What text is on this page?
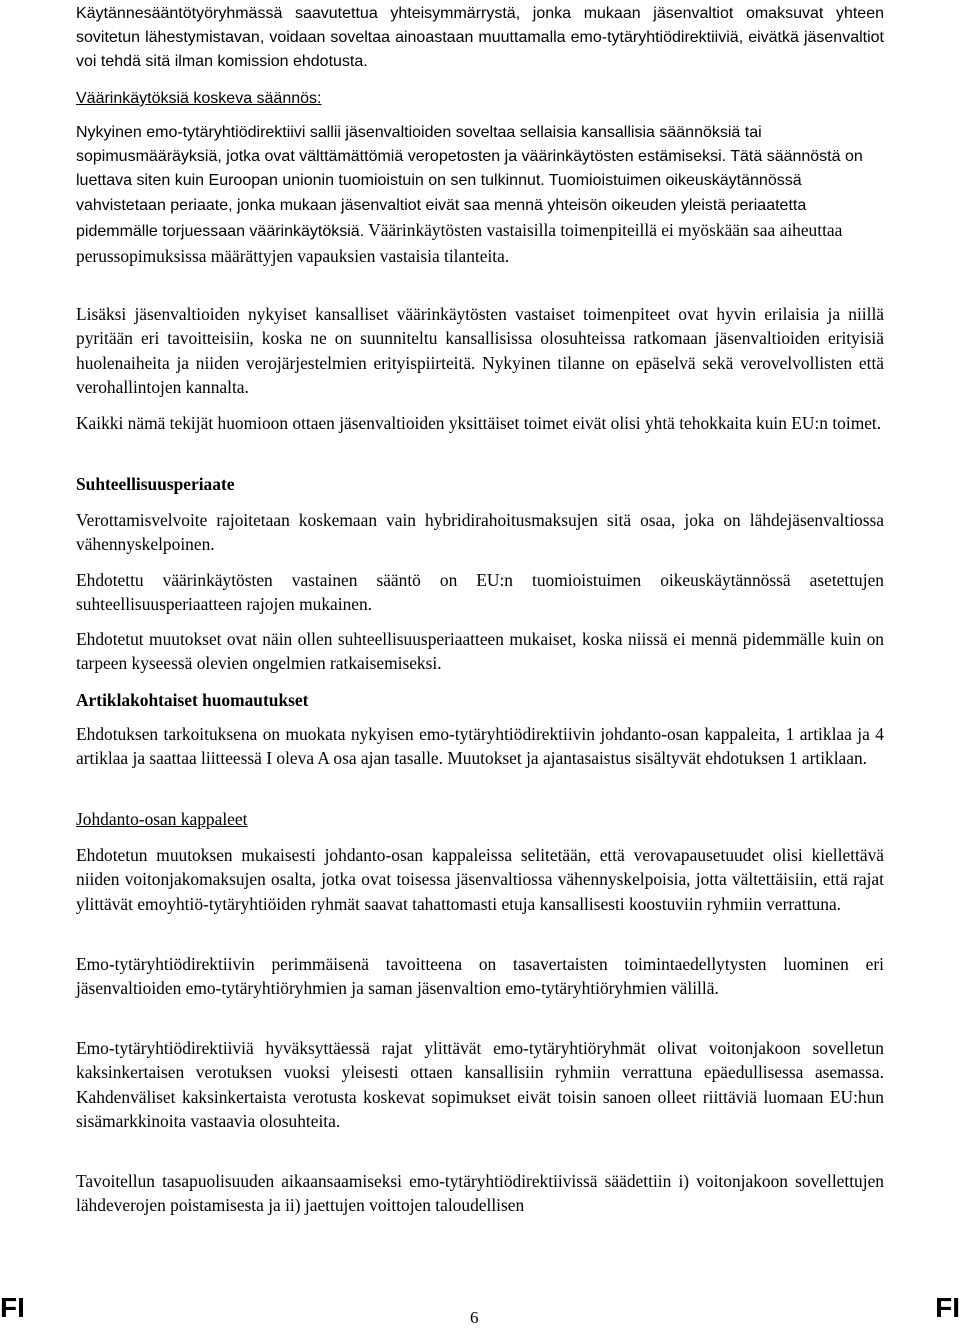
Käytännesääntötyöryhmässä saavutettua yhteisymmärrystä, jonka mukaan jäsenvaltiot omaksuvat yhteen sovitetun lähestymistavan, voidaan soveltaa ainoastaan muuttamalla emo-tytäryhtiödirektiiviä, eivätkä jäsenvaltiot voi tehdä sitä ilman komission ehdotusta.

Väärinkäytöksiä koskeva säännös:

Nykyinen emo-tytäryhtiödirektiivi sallii jäsenvaltioiden soveltaa sellaisia kansallisia säännöksiä tai sopimusmääräyksiä, jotka ovat välttämättömiä veropetosten ja väärinkäytösten estämiseksi. Tätä säännöstä on luettava siten kuin Euroopan unionin tuomioistuin on sen tulkinnut.

Tuomioistuimen oikeuskäytännössä vahvistetaan periaate, jonka mukaan jäsenvaltiot eivät saa mennä yhteisön oikeuden yleistä periaatetta pidemmälle torjuessaan väärinkäytöksiä.

Väärinkäytösten vastaisilla toimenpiteillä ei myöskään saa aiheuttaa perussopimuksissa määrättyjen vapauksien vastaisia tilanteita.

Lisäksi jäsenvaltioiden nykyiset kansalliset väärinkäytösten vastaiset toimenpiteet ovat hyvin erilaisia ja niillä pyritään eri tavoitteisiin, koska ne on suunniteltu kansallisissa olosuhteissa ratkomaan jäsenvaltioiden erityisiä huolenaiheita ja niiden verojärjestelmien erityispiirteitä. Nykyinen tilanne on epäselvä sekä verovelvollisten että verohallintojen kannalta.

Kaikki nämä tekijät huomioon ottaen jäsenvaltioiden yksittäiset toimet eivät olisi yhtä tehokkaita kuin EU:n toimet.

Suhteellisuusperiaate

Verottamisvelvoite rajoitetaan koskemaan vain hybridirahoitusmaksujen sitä osaa, joka on lähdejäsenvaltiossa vähennyskelpoinen.

Ehdotettu väärinkäytösten vastainen sääntö on EU:n tuomioistuimen oikeuskäytännössä asetettujen suhteellisuusperiaatteen rajojen mukainen.

Ehdotetut muutokset ovat näin ollen suhteellisuusperiaatteen mukaiset, koska niissä ei mennä pidemmälle kuin on tarpeen kyseessä olevien ongelmien ratkaisemiseksi.

Artiklakohtaiset huomautukset

Ehdotuksen tarkoituksena on muokata nykyisen emo-tytäryhtiödirektiivin johdanto-osan kappaleita, 1 artiklaa ja 4 artiklaa ja saattaa liitteessä I oleva A osa ajan tasalle. Muutokset ja ajantasaistus sisältyvät ehdotuksen 1 artiklaan.

Johdanto-osan kappaleet

Ehdotetun muutoksen mukaisesti johdanto-osan kappaleissa selitetään, että verovapausetuudet olisi kiellettävä niiden voitonjakomaksujen osalta, jotka ovat toisessa jäsenvaltiossa vähennyskelpoisia, jotta vältettäisiin, että rajat ylittävät emoyhtiö-tytäryhtiöiden ryhmät saavat tahattomasti etuja kansallisesti koostuviin ryhmiin verrattuna.

Emo-tytäryhtiödirektiivin perimmäisenä tavoitteena on tasavertaisten toimintaedellytysten luominen eri jäsenvaltioiden emo-tytäryhtiöryhmien ja saman jäsenvaltion emo-tytäryhtiöryhmien välillä.

Emo-tytäryhtiödirektiiviä hyväksyttäessä rajat ylittävät emo-tytäryhtiöryhmät olivat voitonjakoon sovelletun kaksinkertaisen verotuksen vuoksi yleisesti ottaen kansallisiin ryhmiin verrattuna epäedullisessa asemassa. Kahdenväliset kaksinkertaista verotusta koskevat sopimukset eivät toisin sanoen olleet riittäviä luomaan EU:hun sisämarkkinoita vastaavia olosuhteita.

Tavoitellun tasapuolisuuden aikaansaamiseksi emo-tytäryhtiödirektiivissä säädettiin i) voitonjakoon sovellettujen lähdeverojen poistamisesta ja ii) jaettujen voittojen taloudellisen

FI	6	FI
